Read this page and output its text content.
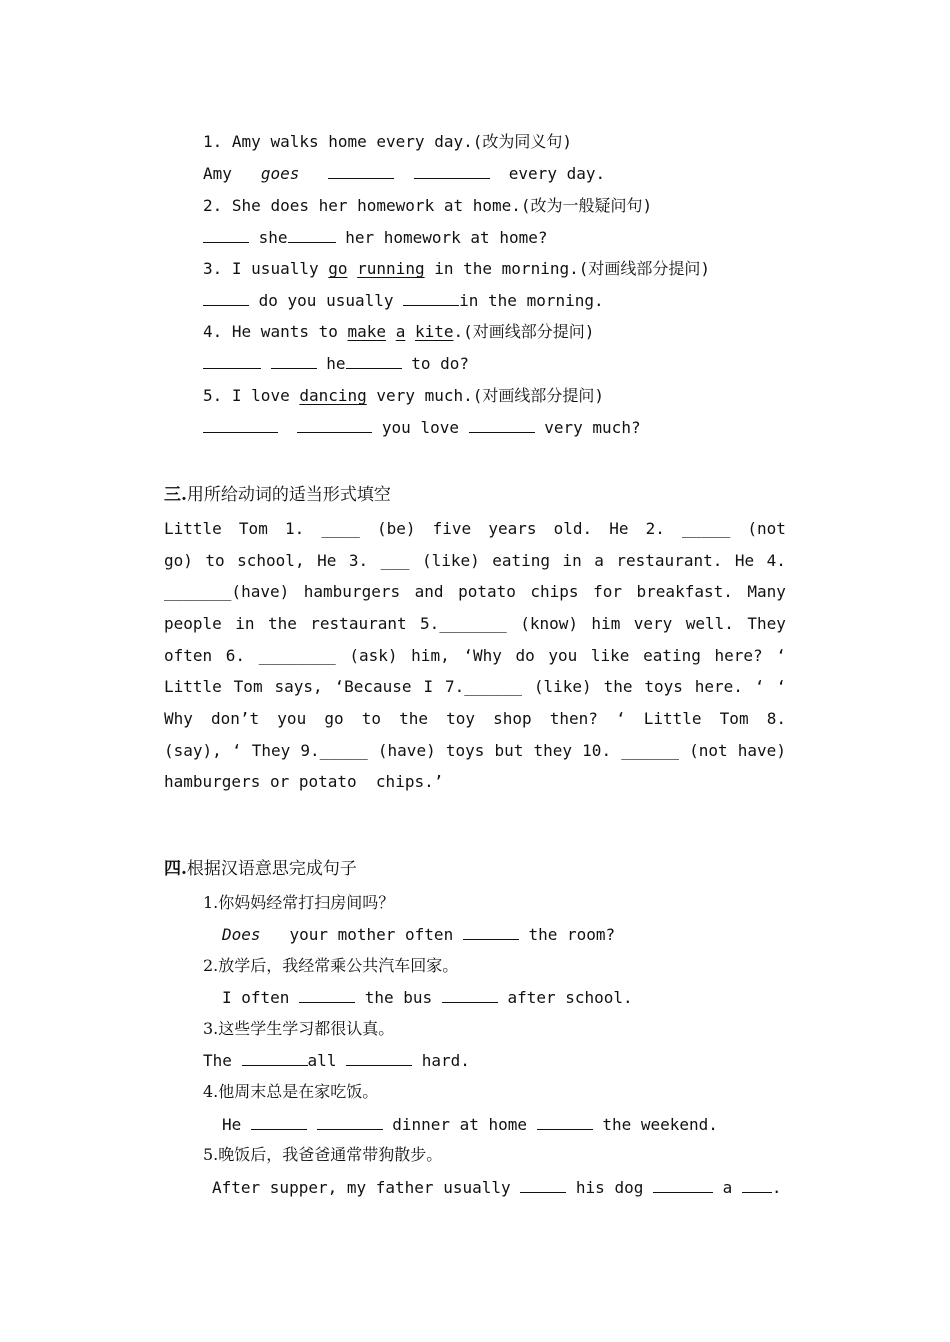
1. Amy walks home every day.(改为同义句)
Amy goes	every day.
2. She does her homework at home.(改为一般疑问句)
she	her homework at home?
3. I usually go running in the morning.(对画线部分提问)
do you usually	in the morning.
4. He wants to make a kite.(对画线部分提问)
he	to do?
5. I love dancing very much.(对画线部分提问)
you love	very much?
三.用所给动词的适当形式填空
Little Tom 1. ____ (be) five years old. He 2. _____ (not
go) to school, He 3. ___ (like) eating in a restaurant. He 4.
_______(have) hamburgers and potato chips for breakfast. Many
people in the restaurant 5._______ (know) him very well. They
often 6. ________ (ask) him, ‘Why do you like eating here? ‘
Little Tom says, ‘Because I 7.______ (like) the toys here. ‘ ‘
Why don’t you go to the toy shop then? ‘ Little Tom 8.
(say), ‘ They 9._____ (have) toys but they 10. ______ (not have)
hamburgers or potato  chips.’
四.根据汉语意思完成句子
1.你妈妈经常打扫房间吗？
Does your mother often	the room?
2.放学后，我经常乘公共汽车回家。
I often	the bus	after school.
3.这些学生学习都很认真。
The	all	hard.
4.他周末总是在家吃饭。
He	dinner at home	the weekend.
5.晚饭后，我爸爸通常带狗散步。
After supper, my father usually	his dog	a .
